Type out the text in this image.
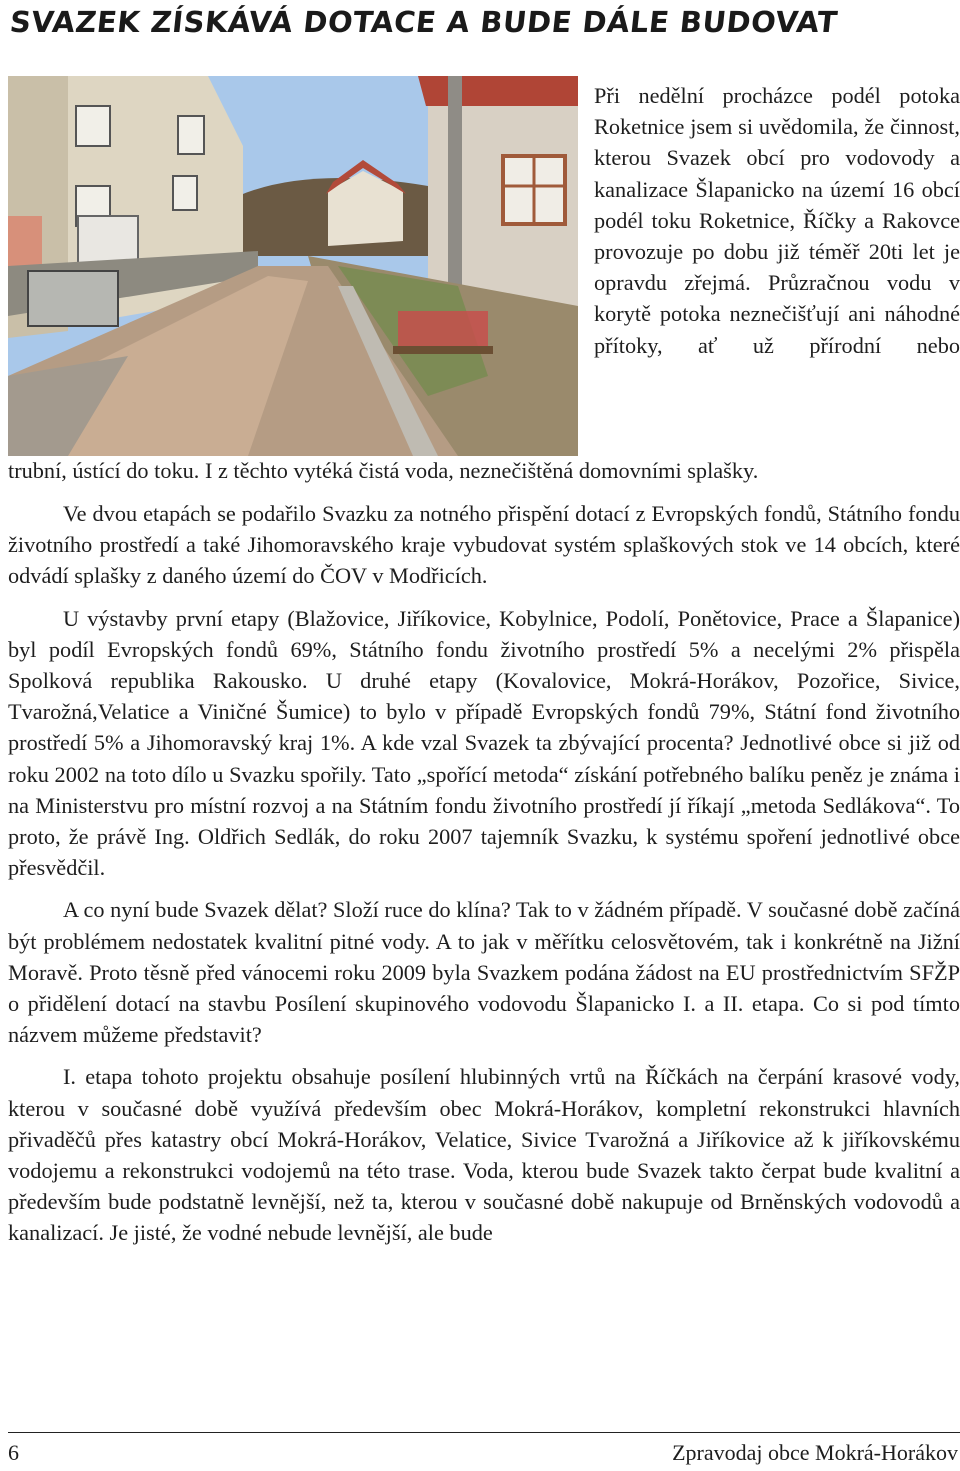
SVAZEK ZÍSKÁVÁ DOTACE A BUDE DÁLE BUDOVAT
Při nedělní procházce podél potoka Roketnice jsem si uvědomila, že činnost, kterou Svazek obcí pro vodovody a kanalizace Šlapanicko na území 16 obcí podél toku Roketnice, Říčky a Rakovce provozuje po dobu již téměř 20ti let je opravdu zřejmá. Průzračnou vodu v korytě potoka neznečišťují ani náhodné přítoky, ať už přírodní nebo
trubní, ústící do toku. I z těchto vytéká čistá voda, neznečištěná domovními splašky.

Ve dvou etapách se podařilo Svazku za notného přispění dotací z Evropských fondů, Státního fondu životního prostředí a také Jihomoravského kraje vybudovat systém splaškových stok ve 14 obcích, které odvádí splašky z daného území do ČOV v Modřicích.

U výstavby první etapy (Blažovice, Jiříkovice, Kobylnice, Podolí, Ponětovice, Prace a Šlapanice) byl podíl Evropských fondů 69%, Státního fondu životního prostředí 5% a necelými 2% přispěla Spolková republika Rakousko. U druhé etapy (Kovalovice, Mokrá-Horákov, Pozořice, Sivice, Tvarožná,Velatice a Viničné Šumice) to bylo v případě Evropských fondů 79%, Státní fond životního prostředí 5% a Jihomoravský kraj 1%. A kde vzal Svazek ta zbývající procenta? Jednotlivé obce si již od roku 2002 na toto dílo u Svazku spořily. Tato „spořící metoda“ získání potřebného balíku peněz je známa i na Ministerstvu pro místní rozvoj a na Státním fondu životního prostředí jí říkají „metoda Sedlákova“. To proto, že právě Ing. Oldřich Sedlák, do roku 2007 tajemník Svazku, k systému spoření jednotlivé obce přesvědčil.

A co nyní bude Svazek dělat? Složí ruce do klína? Tak to v žádném případě. V současné době začíná být problémem nedostatek kvalitní pitné vody. A to jak v měřítku celosvětovém, tak i konkrétně na Jižní Moravě. Proto těsně před vánocemi roku 2009 byla Svazkem podána žádost na EU prostřednictvím SFŽP o přidělení dotací na stavbu Posílení skupinového vodovodu Šlapanicko I. a II. etapa. Co si pod tímto názvem můžeme představit?

I. etapa tohoto projektu obsahuje posílení hlubinných vrtů na Říčkách na čerpání krasové vody, kterou v současné době využívá především obec Mokrá-Horákov, kompletní rekonstrukci hlavních přivaděčů přes katastry obcí Mokrá-Horákov, Velatice, Sivice Tvarožná a Jiříkovice až k jiříkovskému vodojemu a rekonstrukci vodojemů na této trase. Voda, kterou bude Svazek takto čerpat bude kvalitní a především bude podstatně levnější, než ta, kterou v současné době nakupuje od Brněnských vodovodů a kanalizací. Je jisté, že vodné nebude levnější, ale bude

6	Zpravodaj obce Mokrá-Horákov
